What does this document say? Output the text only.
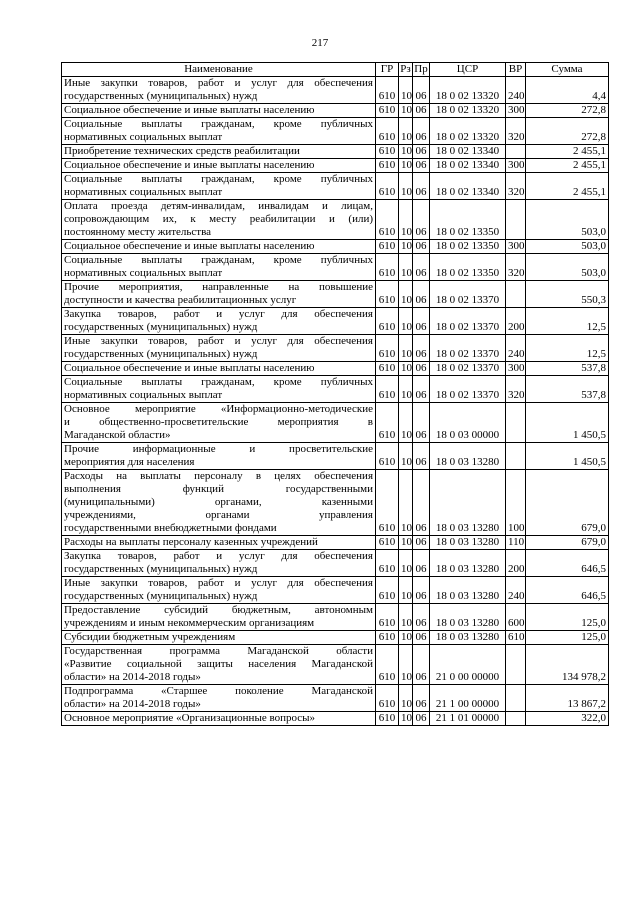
217
Наименование	ГР	Рз	Пр	ЦСР	ВР	Сумма

Иные закупки товаров, работ и услуг для обеспечения
государственных (муниципальных) нужд	610	10	06	18 0 02 13320	240	4,4

Социальное обеспечение и иные выплаты населению	610	10	06	18 0 02 13320	300	272,8

Социальные выплаты гражданам, кроме публичных
нормативных социальных выплат	610	10	06	18 0 02 13320	320	272,8

Приобретение технических средств реабилитации	610	10	06	18 0 02 13340		2 455,1

Социальное обеспечение и иные выплаты населению	610	10	06	18 0 02 13340	300	2 455,1

Социальные выплаты гражданам, кроме публичных
нормативных социальных выплат	610	10	06	18 0 02 13340	320	2 455,1

Оплата проезда детям-инвалидам, инвалидам и лицам,
сопровождающим их, к месту реабилитации и (или)
постоянному месту жительства	610	10	06	18 0 02 13350		503,0

Социальное обеспечение и иные выплаты населению	610	10	06	18 0 02 13350	300	503,0

Социальные выплаты гражданам, кроме публичных
нормативных социальных выплат	610	10	06	18 0 02 13350	320	503,0

Прочие мероприятия, направленные на повышение
доступности и качества реабилитационных услуг	610	10	06	18 0 02 13370		550,3

Закупка товаров, работ и услуг для обеспечения
государственных (муниципальных) нужд	610	10	06	18 0 02 13370	200	12,5

Иные закупки товаров, работ и услуг для обеспечения
государственных (муниципальных) нужд	610	10	06	18 0 02 13370	240	12,5

Социальное обеспечение и иные выплаты населению	610	10	06	18 0 02 13370	300	537,8

Социальные выплаты гражданам, кроме публичных
нормативных социальных выплат	610	10	06	18 0 02 13370	320	537,8

Основное мероприятие «Информационно-методические
и общественно-просветительские мероприятия в
Магаданской области»	610	10	06	18 0 03 00000		1 450,5

Прочие информационные и просветительские
мероприятия для населения	610	10	06	18 0 03 13280		1 450,5

Расходы на выплаты персоналу в целях обеспечения
выполнения функций государственными
(муниципальными) органами, казенными
учреждениями, органами управления
государственными внебюджетными фондами	610	10	06	18 0 03 13280	100	679,0

Расходы на выплаты персоналу казенных учреждений	610	10	06	18 0 03 13280	110	679,0

Закупка товаров, работ и услуг для обеспечения
государственных (муниципальных) нужд	610	10	06	18 0 03 13280	200	646,5

Иные закупки товаров, работ и услуг для обеспечения
государственных (муниципальных) нужд	610	10	06	18 0 03 13280	240	646,5

Предоставление субсидий бюджетным, автономным
учреждениям и иным некоммерческим организациям	610	10	06	18 0 03 13280	600	125,0

Субсидии бюджетным учреждениям	610	10	06	18 0 03 13280	610	125,0

Государственная программа Магаданской области
«Развитие социальной защиты населения Магаданской
области» на 2014-2018 годы»	610	10	06	21 0 00 00000		134 978,2

Подпрограмма «Старшее поколение Магаданской
области» на 2014-2018 годы»	610	10	06	21 1 00 00000		13 867,2

Основное мероприятие «Организационные вопросы»	610	10	06	21 1 01 00000		322,0
